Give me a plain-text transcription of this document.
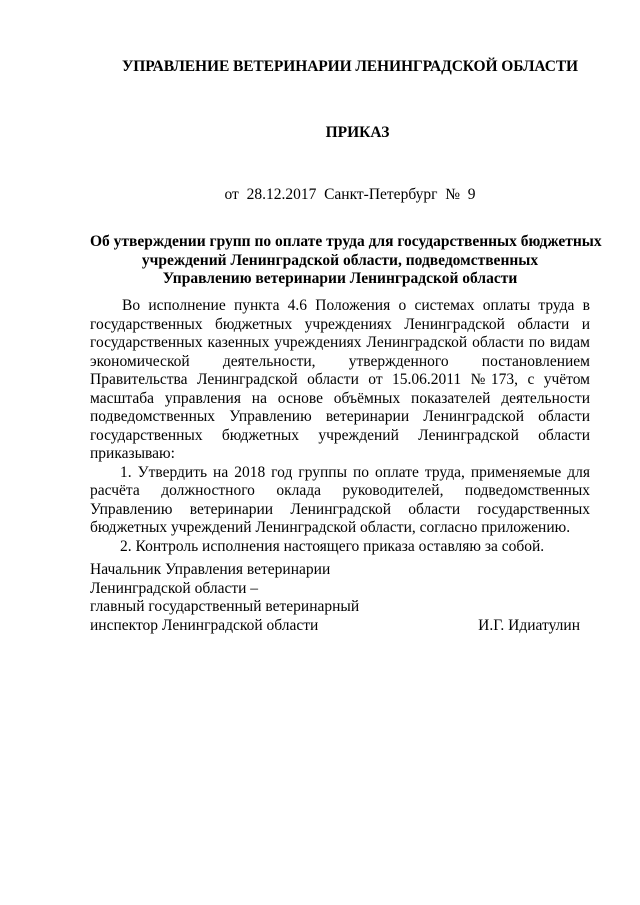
УПРАВЛЕНИЕ ВЕТЕРИНАРИИ ЛЕНИНГРАДСКОЙ ОБЛАСТИ
ПРИКАЗ
от 28.12.2017 Санкт-Петербург № 9
Об утверждении групп по оплате труда для государственных бюджетных
учреждений Ленинградской области, подведомственных
Управлению ветеринарии Ленинградской области

Во исполнение пункта 4.6 Положения о системах оплаты труда в государственных бюджетных учреждениях Ленинградской области и государственных казенных учреждениях Ленинградской области по видам экономической деятельности, утвержденного постановлением Правительства Ленинградской области от 15.06.2011 №173, с учётом масштаба управления на основе объёмных показателей деятельности подведомственных Управлению ветеринарии Ленинградской области государственных бюджетных учреждений Ленинградской области приказываю:

1. Утвердить на 2018 год группы по оплате труда, применяемые для расчёта должностного оклада руководителей, подведомственных Управлению ветеринарии Ленинградской области государственных бюджетных учреждений Ленинградской области, согласно приложению.

2. Контроль исполнения настоящего приказа оставляю за собой.

Начальник Управления ветеринарии
Ленинградской области –
главный государственный ветеринарный
инспектор Ленинградской области	И.Г. Идиатулин
